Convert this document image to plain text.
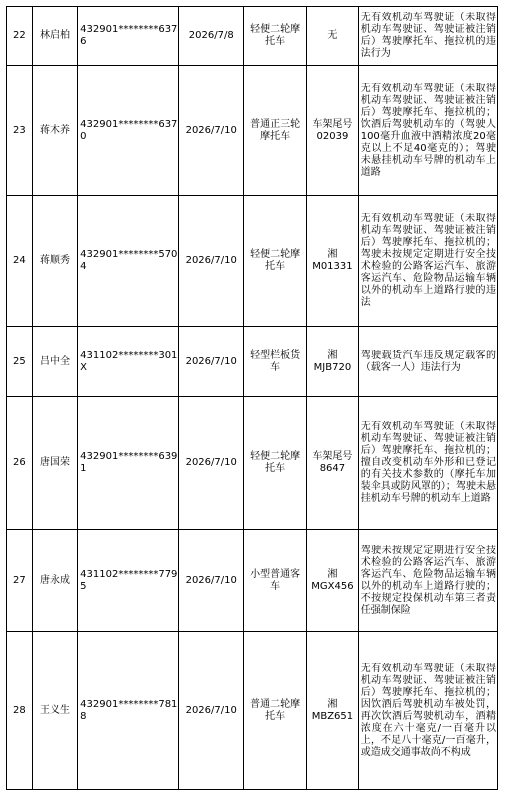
22	林启柏	432901********6376	2026/7/8	轻便二轮摩托车	无	无有效机动车驾驶证（未取得机动车驾驶证、驾驶证被注销后）驾驶摩托车、拖拉机的违法行为

23	蒋木养	432901********6370	2026/7/10	普通正三轮摩托车	车架尾号02039	无有效机动车驾驶证（未取得机动车驾驶证、驾驶证被注销后）驾驶摩托车、拖拉机的；饮酒后驾驶机动车的（驾驶人100毫升血液中酒精浓度20毫克以上不足40毫克的）；驾驶未悬挂机动车号牌的机动车上道路

24	蒋顺秀	432901********5704	2026/7/10	轻便二轮摩托车	湘M01331	无有效机动车驾驶证（未取得机动车驾驶证、驾驶证被注销后）驾驶摩托车、拖拉机的；驾驶未按规定定期进行安全技术检验的公路客运汽车、旅游客运汽车、危险物品运输车辆以外的机动车上道路行驶的违法

25	吕中全	431102********301X	2026/7/10	轻型栏板货车	湘MJB720	驾驶载货汽车违反规定载客的（载客一人）违法行为

26	唐国荣	432901********6391	2026/7/10	轻便二轮摩托车	车架尾号8647	无有效机动车驾驶证（未取得机动车驾驶证、驾驶证被注销后）驾驶摩托车、拖拉机的；擅自改变机动车外形和已登记的有关技术参数的（摩托车加装伞具或防风罩的）；驾驶未悬挂机动车号牌的机动车上道路

27	唐永成	431102********7795	2026/7/10	小型普通客车	湘MGX456	驾驶未按规定定期进行安全技术检验的公路客运汽车、旅游客运汽车、危险物品运输车辆以外的机动车上道路行驶的；不按规定投保机动车第三者责任强制保险

28	王义生	432901********7818	2026/7/10	普通二轮摩托车	湘MBZ651	无有效机动车驾驶证（未取得机动车驾驶证、驾驶证被注销后）驾驶摩托车、拖拉机的；因饮酒后驾驶机动车被处罚，再次饮酒后驾驶机动车，酒精浓度在六十毫克/一百毫升以上，不足八十毫克/一百毫升，或造成交通事故尚不构成
